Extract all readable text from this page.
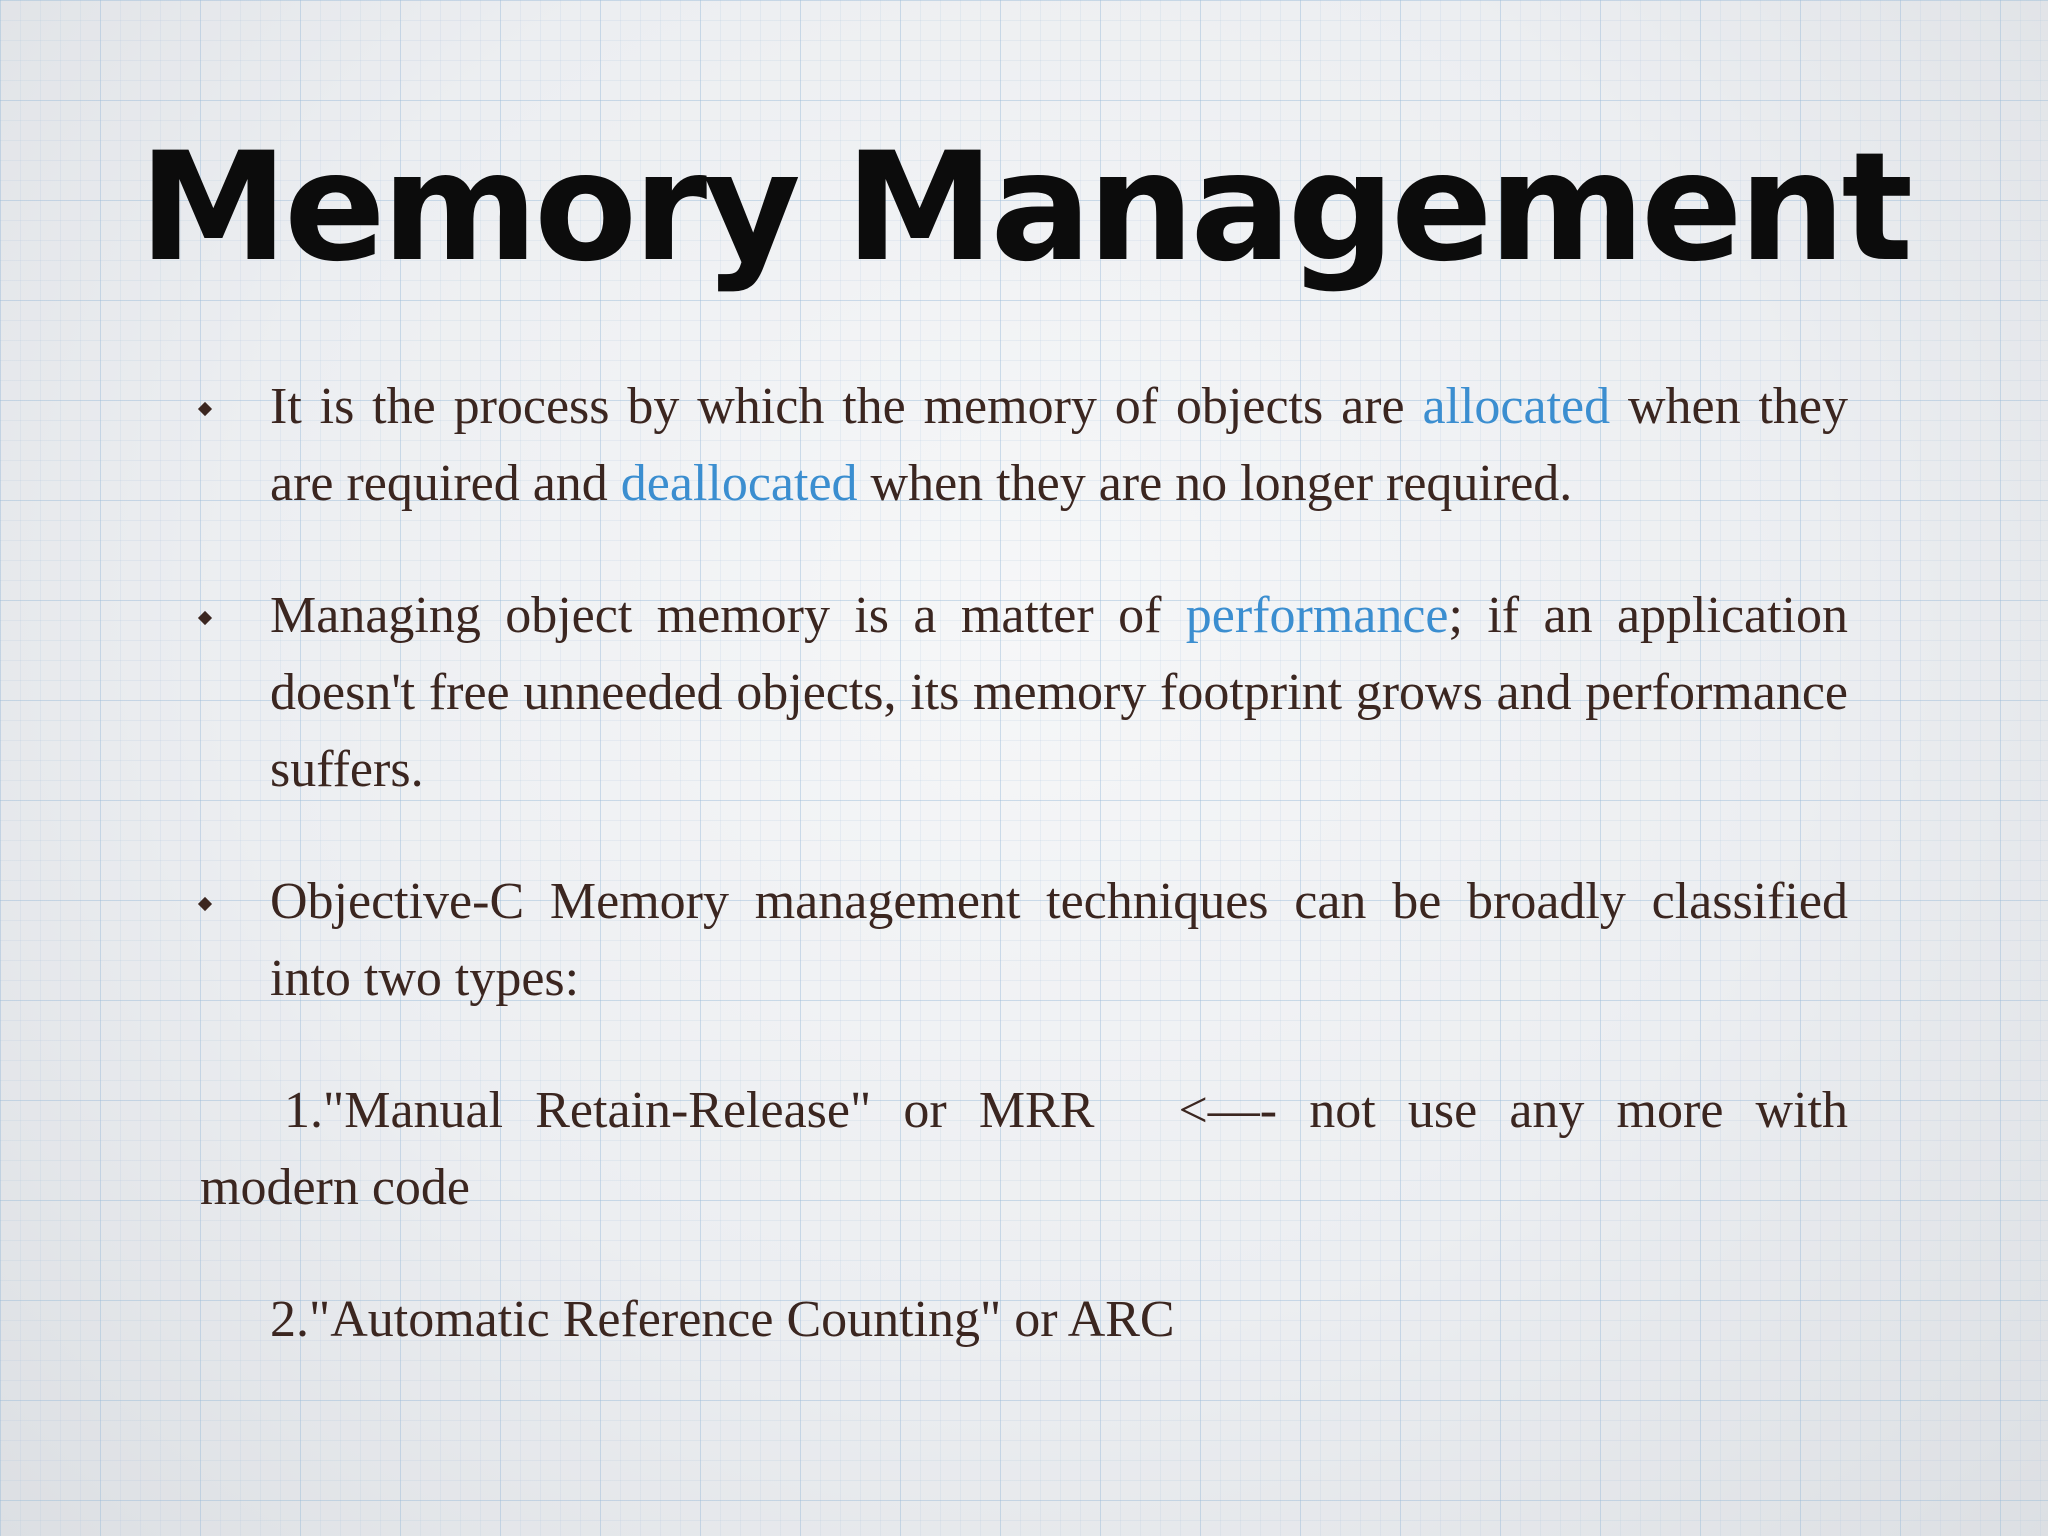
Memory Management

It is the process by which the memory of objects are allocated when they are required and deallocated when they are no longer required.

Managing object memory is a matter of performance; if an application doesn't free unneeded objects, its memory footprint grows and performance suffers.

Objective-C Memory management techniques can be broadly classified into two types:

1."Manual Retain-Release" or MRR <—- not use any more with modern code

2."Automatic Reference Counting" or ARC
